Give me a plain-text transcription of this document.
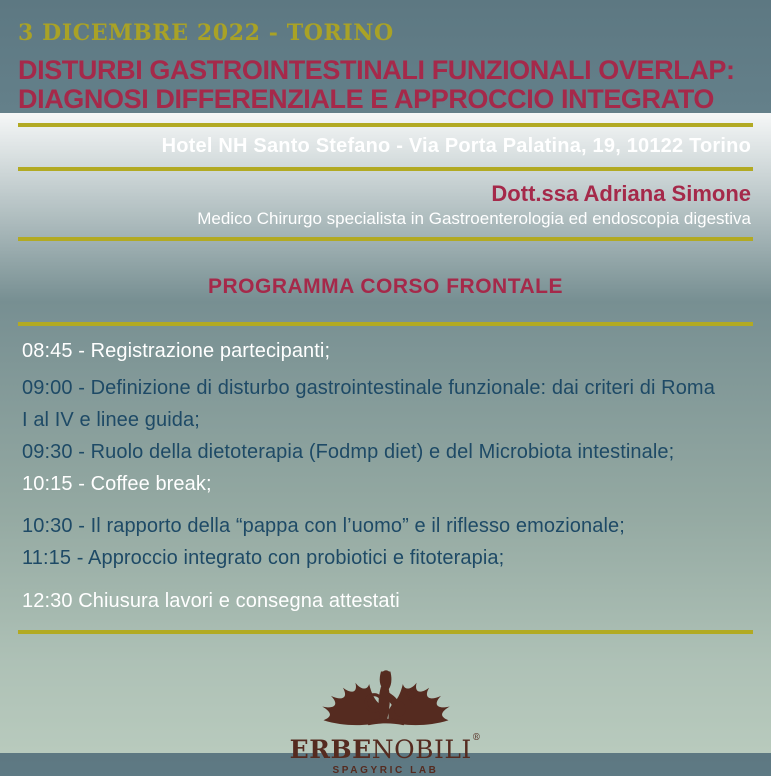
3 DICEMBRE 2022 - TORINO
DISTURBI GASTROINTESTINALI FUNZIONALI OVERLAP:
DIAGNOSI DIFFERENZIALE E APPROCCIO INTEGRATO
Hotel NH Santo Stefano - Via Porta Palatina, 19, 10122 Torino
Dott.ssa Adriana Simone
Medico Chirurgo specialista in Gastroenterologia ed endoscopia digestiva
PROGRAMMA CORSO FRONTALE

08:45 - Registrazione partecipanti;

09:00 - Definizione di disturbo gastrointestinale funzionale: dai criteri di Roma I al IV e linee guida;

09:30 - Ruolo della dietoterapia (Fodmp diet) e del Microbiota intestinale;

10:15 - Coffee break;

10:30 - Il rapporto della “pappa con l’uomo” e il riflesso emozionale;

11:15 - Approccio integrato con probiotici e fitoterapia;

12:30 Chiusura lavori e consegna attestati

ERBENOBILI®
SPAGYRIC LAB
